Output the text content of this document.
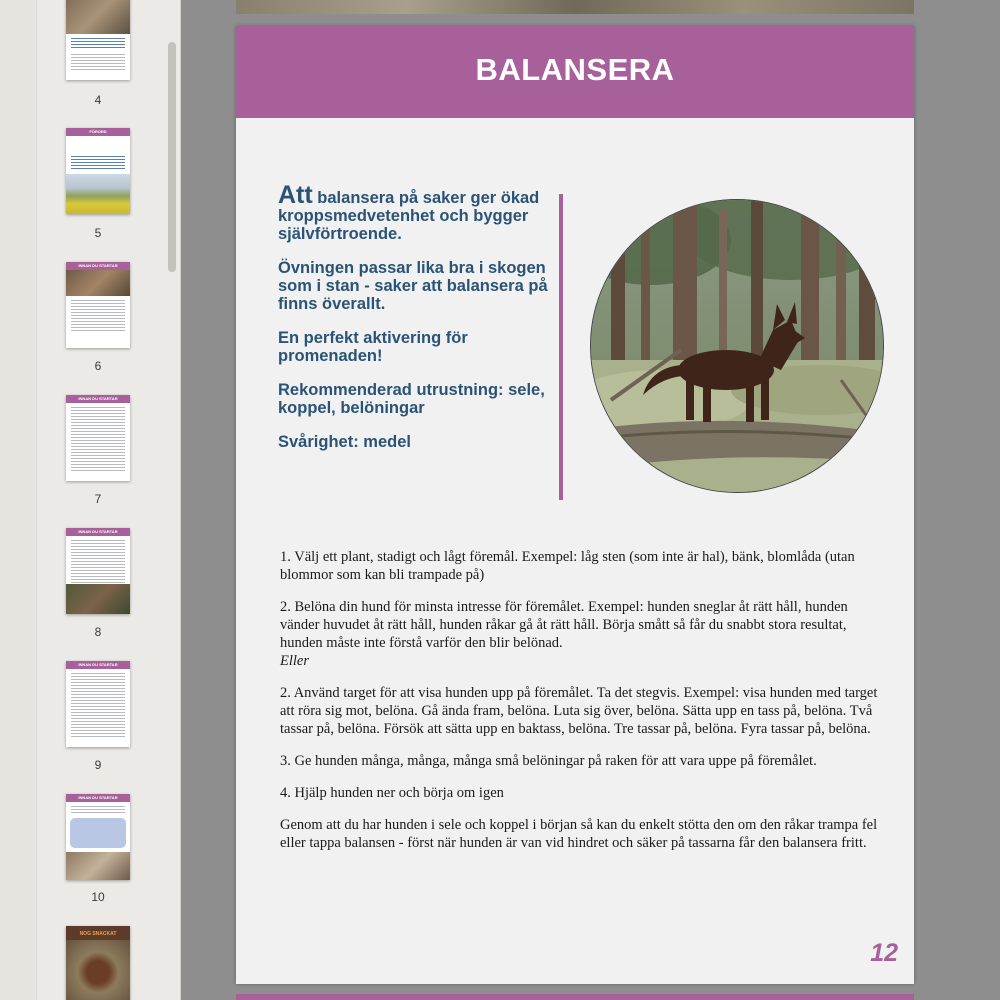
4
FÖRORD
5
INNAN DU STARTAR
6
INNAN DU STARTAR
7
INNAN DU STARTAR
8
INNAN DU STARTAR
9
INNAN DU STARTAR
10
NOG SNACKAT
BALANSERA

Att balansera på saker ger ökad kroppsmedvetenhet och bygger självförtroende.

Övningen passar lika bra i skogen som i stan - saker att balansera på finns överallt.

En perfekt aktivering för promenaden!

Rekommenderad utrustning: sele, koppel, belöningar

Svårighet: medel

1. Välj ett plant, stadigt och lågt föremål. Exempel: låg sten (som inte är hal), bänk, blomlåda (utan blommor som kan bli trampade på)

2. Belöna din hund för minsta intresse för föremålet. Exempel: hunden sneglar åt rätt håll, hunden vänder huvudet åt rätt håll, hunden råkar gå åt rätt håll. Börja smått så får du snabbt stora resultat, hunden måste inte förstå varför den blir belönad.
Eller

2. Använd target för att visa hunden upp på föremålet. Ta det stegvis. Exempel: visa hunden med target att röra sig mot, belöna. Gå ända fram, belöna. Luta sig över, belöna. Sätta upp en tass på, belöna. Två tassar på, belöna. Försök att sätta upp en baktass, belöna. Tre tassar på, belöna. Fyra tassar på, belöna.

3. Ge hunden många, många, många små belöningar på raken för att vara uppe på föremålet.

4. Hjälp hunden ner och börja om igen

Genom att du har hunden i sele och koppel i början så kan du enkelt stötta den om den råkar trampa fel eller tappa balansen - först när hunden är van vid hindret och säker på tassarna får den balansera fritt.

12
